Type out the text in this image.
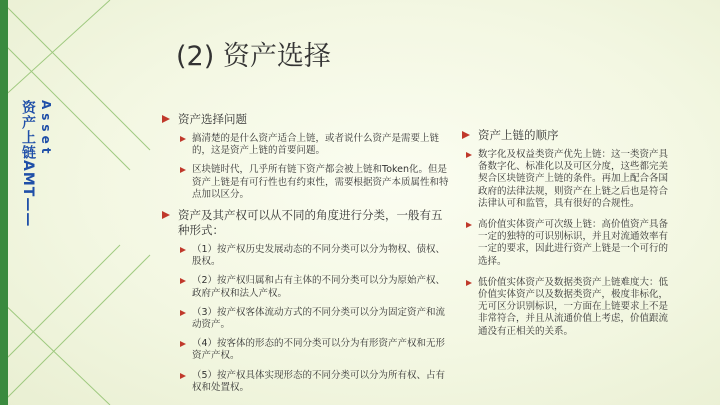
资产上链AMT—— Asset
(2) 资产选择
资产选择问题
搞清楚的是什么资产适合上链，或者说什么资产是需要上链的，这是资产上链的首要问题。
区块链时代，几乎所有链下资产都会被上链和Token化。但是资产上链是有可行性也有约束性，需要根据资产本质属性和特点加以区分。
资产及其产权可以从不同的角度进行分类，一般有五种形式：
（1）按产权历史发展动态的不同分类可以分为物权、债权、股权。
（2）按产权归属和占有主体的不同分类可以分为原始产权、政府产权和法人产权。
（3）按产权客体流动方式的不同分类可以分为固定资产和流动资产。
（4）按客体的形态的不同分类可以分为有形资产产权和无形资产产权。
（5）按产权具体实现形态的不同分类可以分为所有权、占有权和处置权。
资产上链的顺序
数字化及权益类资产优先上链：这一类资产具备数字化、标准化以及可区分度，这些都完美契合区块链资产上链的条件。再加上配合各国政府的法律法规，则资产在上链之后也是符合法律认可和监管，具有很好的合规性。
高价值实体资产可次级上链：高价值资产具备一定的独特的可识别标识，并且对流通效率有一定的要求，因此进行资产上链是一个可行的选择。
低价值实体资产及数据类资产上链难度大：低价值实体资产以及数据类资产，极度非标化，无可区分识别标识，一方面在上链要求上不是非常符合，并且从流通价值上考虑，价值跟流通没有正相关的关系。
